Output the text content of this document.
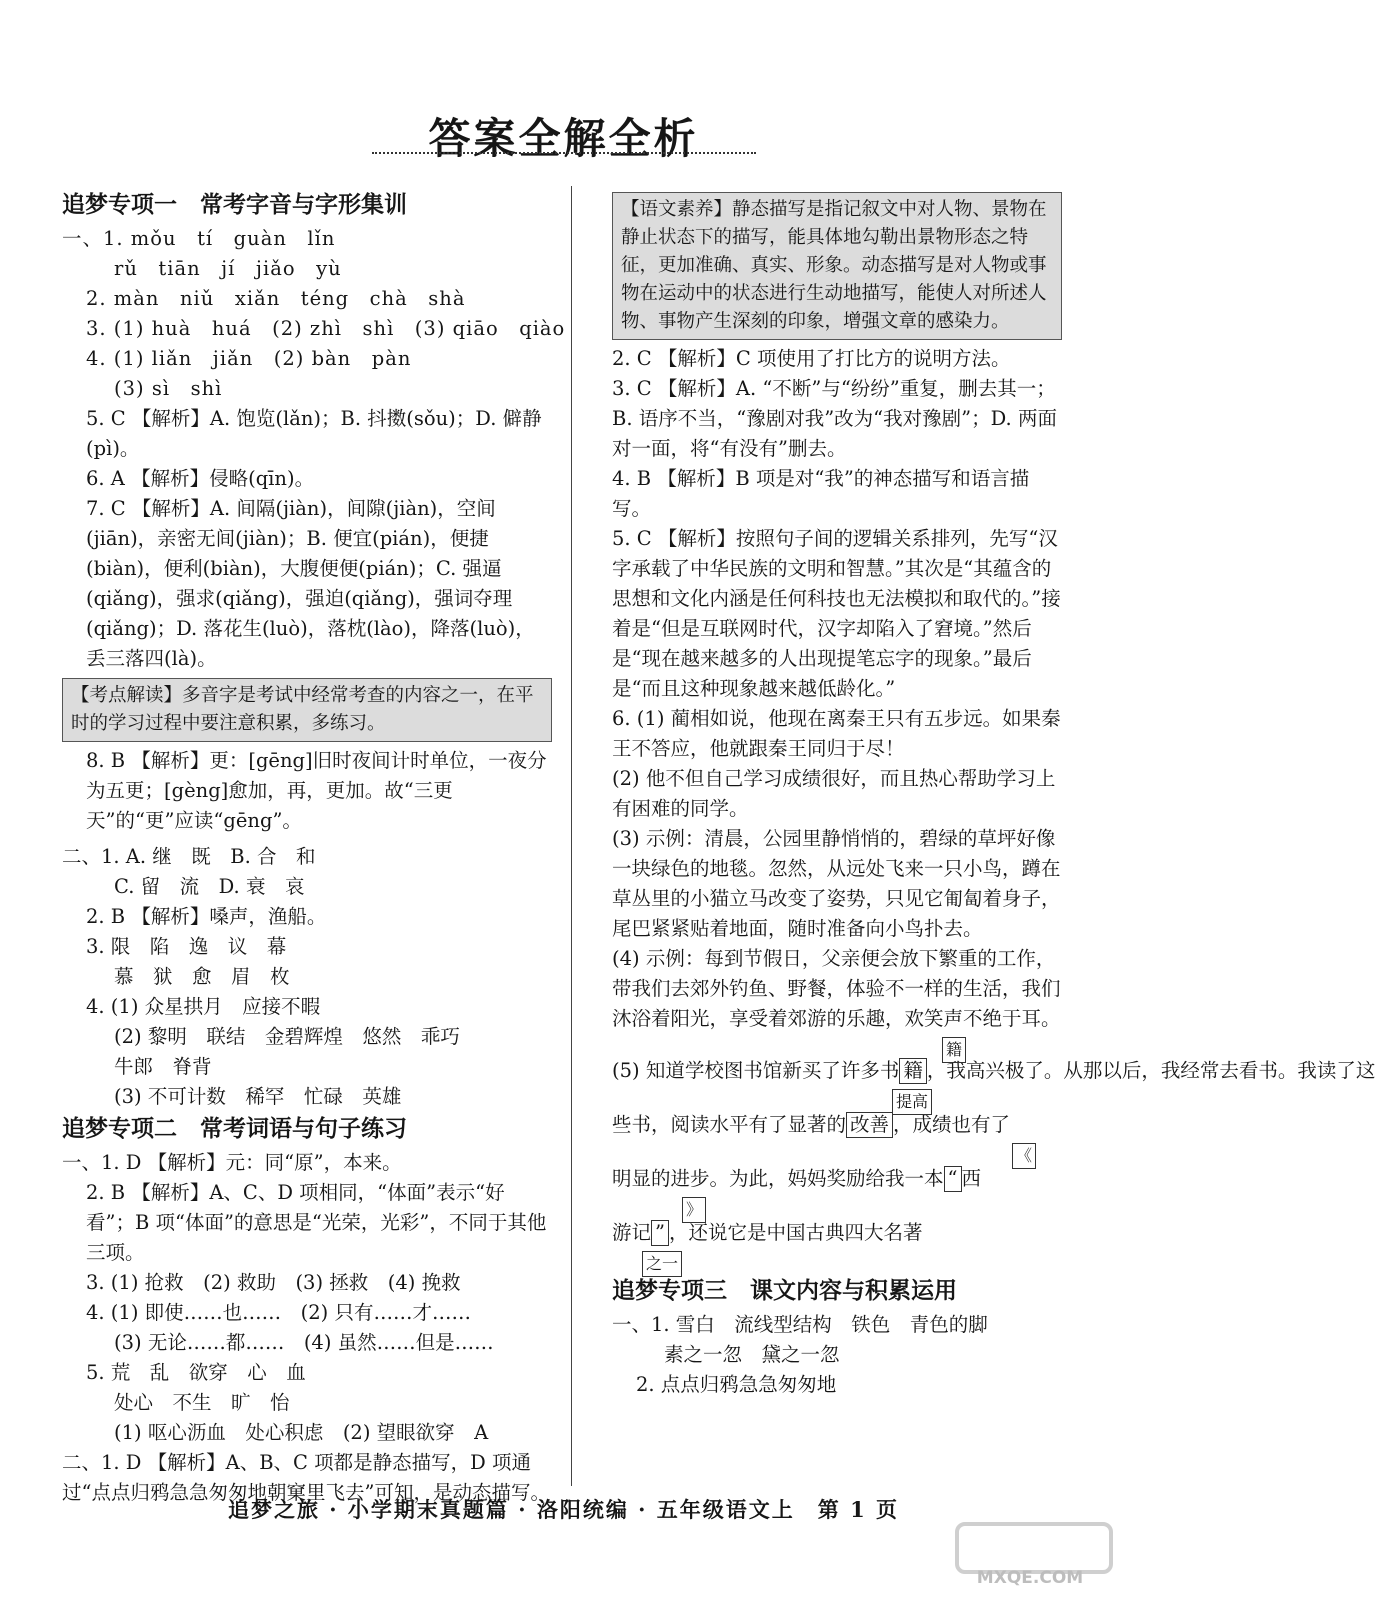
答案全解全析
追梦专项一　常考字音与字形集训
一、1. mǒu　tí　guàn　lǐn
rǔ　tiān　jí　jiǎo　yù
2. màn　niǔ　xiǎn　téng　chà　shà
3. (1) huà　huá　(2) zhì　shì　(3) qiāo　qiào
4. (1) liǎn　jiǎn　(2) bàn　pàn
(3) sì　shì
5. C 【解析】A. 饱览(lǎn)；B. 抖擞(sǒu)；D. 僻静(pì)。
6. A 【解析】侵略(qīn)。
7. C 【解析】A. 间隔(jiàn)，间隙(jiàn)，空间(jiān)，亲密无间(jiàn)；B. 便宜(pián)，便捷(biàn)，便利(biàn)，大腹便便(pián)；C. 强逼(qiǎng)，强求(qiǎng)，强迫(qiǎng)，强词夺理(qiǎng)；D. 落花生(luò)，落枕(lào)，降落(luò)，丢三落四(là)。
【考点解读】多音字是考试中经常考查的内容之一，在平时的学习过程中要注意积累，多练习。
8. B 【解析】更：[gēng]旧时夜间计时单位，一夜分为五更；[gèng]愈加，再，更加。故“三更天”的“更”应读“gēng”。
二、1. A. 继　既　B. 合　和
C. 留　流　D. 衰　哀
2. B 【解析】嗓声，渔船。
3. 限　陷　逸　议　幕
慕　狱　愈　眉　枚
4. (1) 众星拱月　应接不暇
(2) 黎明　联结　金碧辉煌　悠然　乖巧
牛郎　脊背
(3) 不可计数　稀罕　忙碌　英雄
追梦专项二　常考词语与句子练习
一、1. D 【解析】元：同“原”，本来。
2. B 【解析】A、C、D 项相同，“体面”表示“好看”；B 项“体面”的意思是“光荣，光彩”，不同于其他三项。
3. (1) 抢救　(2) 救助　(3) 拯救　(4) 挽救
4. (1) 即使……也……　(2) 只有……才……
(3) 无论……都……　(4) 虽然……但是……
5. 荒　乱　欲穿　心　血
处心　不生　旷　怡
(1) 呕心沥血　处心积虑　(2) 望眼欲穿　A
二、1. D 【解析】A、B、C 项都是静态描写，D 项通过“点点归鸦急急匆匆地朝窠里飞去”可知，是动态描写。
【语文素养】静态描写是指记叙文中对人物、景物在静止状态下的描写，能具体地勾勒出景物形态之特征，更加准确、真实、形象。动态描写是对人物或事物在运动中的状态进行生动地描写，能使人对所述人物、事物产生深刻的印象，增强文章的感染力。
2. C 【解析】C 项使用了打比方的说明方法。
3. C 【解析】A. “不断”与“纷纷”重复，删去其一；B. 语序不当，“豫剧对我”改为“我对豫剧”；D. 两面对一面，将“有没有”删去。
4. B 【解析】B 项是对“我”的神态描写和语言描写。
5. C 【解析】按照句子间的逻辑关系排列，先写“汉字承载了中华民族的文明和智慧。”其次是“其蕴含的思想和文化内涵是任何科技也无法模拟和取代的。”接着是“但是互联网时代，汉字却陷入了窘境。”然后是“现在越来越多的人出现提笔忘字的现象。”最后是“而且这种现象越来越低龄化。”
6. (1) 蔺相如说，他现在离秦王只有五步远。如果秦王不答应，他就跟秦王同归于尽！
(2) 他不但自己学习成绩很好，而且热心帮助学习上有困难的同学。
(3) 示例：清晨，公园里静悄悄的，碧绿的草坪好像一块绿色的地毯。忽然，从远处飞来一只小鸟，蹲在草丛里的小猫立马改变了姿势，只见它匍匐着身子，尾巴紧紧贴着地面，随时准备向小鸟扑去。
(4) 示例：每到节假日，父亲便会放下繁重的工作，带我们去郊外钓鱼、野餐，体验不一样的生活，我们沐浴着阳光，享受着郊游的乐趣，欢笑声不绝于耳。
籍
(5) 知道学校图书馆新买了许多书 籍 ，我高兴极了。从那以后，我经常去看书。我读了这
提高
些书，阅读水平有了显著的 改善 ，成绩也有了
《
明显的进步。为此，妈妈奖励给我一本 “ 西
》
游记 ” ，还说它是中国古典四大名著
之一
追梦专项三　课文内容与积累运用
一、1. 雪白　流线型结构　铁色　青色的脚
素之一忽　黛之一忽
2. 点点归鸦急急匆匆地
追梦之旅 · 小学期末真题篇 · 洛阳统编 · 五年级语文上　第 1 页
MXQE.COM
